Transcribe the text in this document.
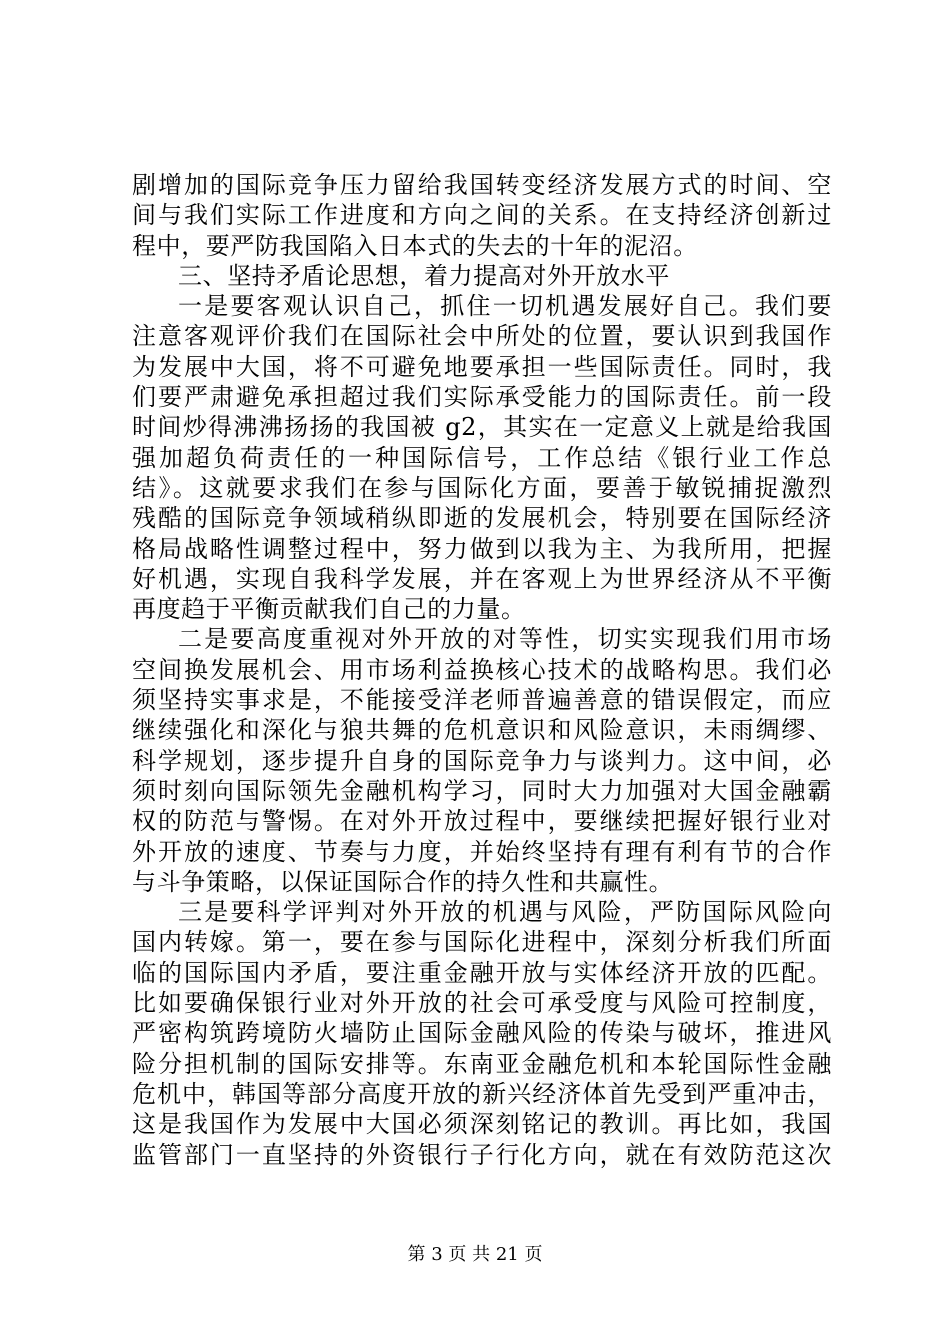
剧增加的国际竞争压力留给我国转变经济发展方式的时间、空
间与我们实际工作进度和方向之间的关系。在支持经济创新过
程中，要严防我国陷入日本式的失去的十年的泥沼。
三、坚持矛盾论思想，着力提高对外开放水平
一是要客观认识自己，抓住一切机遇发展好自己。我们要
注意客观评价我们在国际社会中所处的位置，要认识到我国作
为发展中大国，将不可避免地要承担一些国际责任。同时，我
们要严肃避免承担超过我们实际承受能力的国际责任。前一段
时间炒得沸沸扬扬的我国被 g2，其实在一定意义上就是给我国
强加超负荷责任的一种国际信号，工作总结《银行业工作总
结》。这就要求我们在参与国际化方面，要善于敏锐捕捉激烈
残酷的国际竞争领域稍纵即逝的发展机会，特别要在国际经济
格局战略性调整过程中，努力做到以我为主、为我所用，把握
好机遇，实现自我科学发展，并在客观上为世界经济从不平衡
再度趋于平衡贡献我们自己的力量。
二是要高度重视对外开放的对等性，切实实现我们用市场
空间换发展机会、用市场利益换核心技术的战略构思。我们必
须坚持实事求是，不能接受洋老师普遍善意的错误假定，而应
继续强化和深化与狼共舞的危机意识和风险意识，未雨绸缪、
科学规划，逐步提升自身的国际竞争力与谈判力。这中间，必
须时刻向国际领先金融机构学习，同时大力加强对大国金融霸
权的防范与警惕。在对外开放过程中，要继续把握好银行业对
外开放的速度、节奏与力度，并始终坚持有理有利有节的合作
与斗争策略，以保证国际合作的持久性和共赢性。
三是要科学评判对外开放的机遇与风险，严防国际风险向
国内转嫁。第一，要在参与国际化进程中，深刻分析我们所面
临的国际国内矛盾，要注重金融开放与实体经济开放的匹配。
比如要确保银行业对外开放的社会可承受度与风险可控制度，
严密构筑跨境防火墙防止国际金融风险的传染与破坏，推进风
险分担机制的国际安排等。东南亚金融危机和本轮国际性金融
危机中，韩国等部分高度开放的新兴经济体首先受到严重冲击，
这是我国作为发展中大国必须深刻铭记的教训。再比如，我国
监管部门一直坚持的外资银行子行化方向，就在有效防范这次
第 3 页 共 21 页
